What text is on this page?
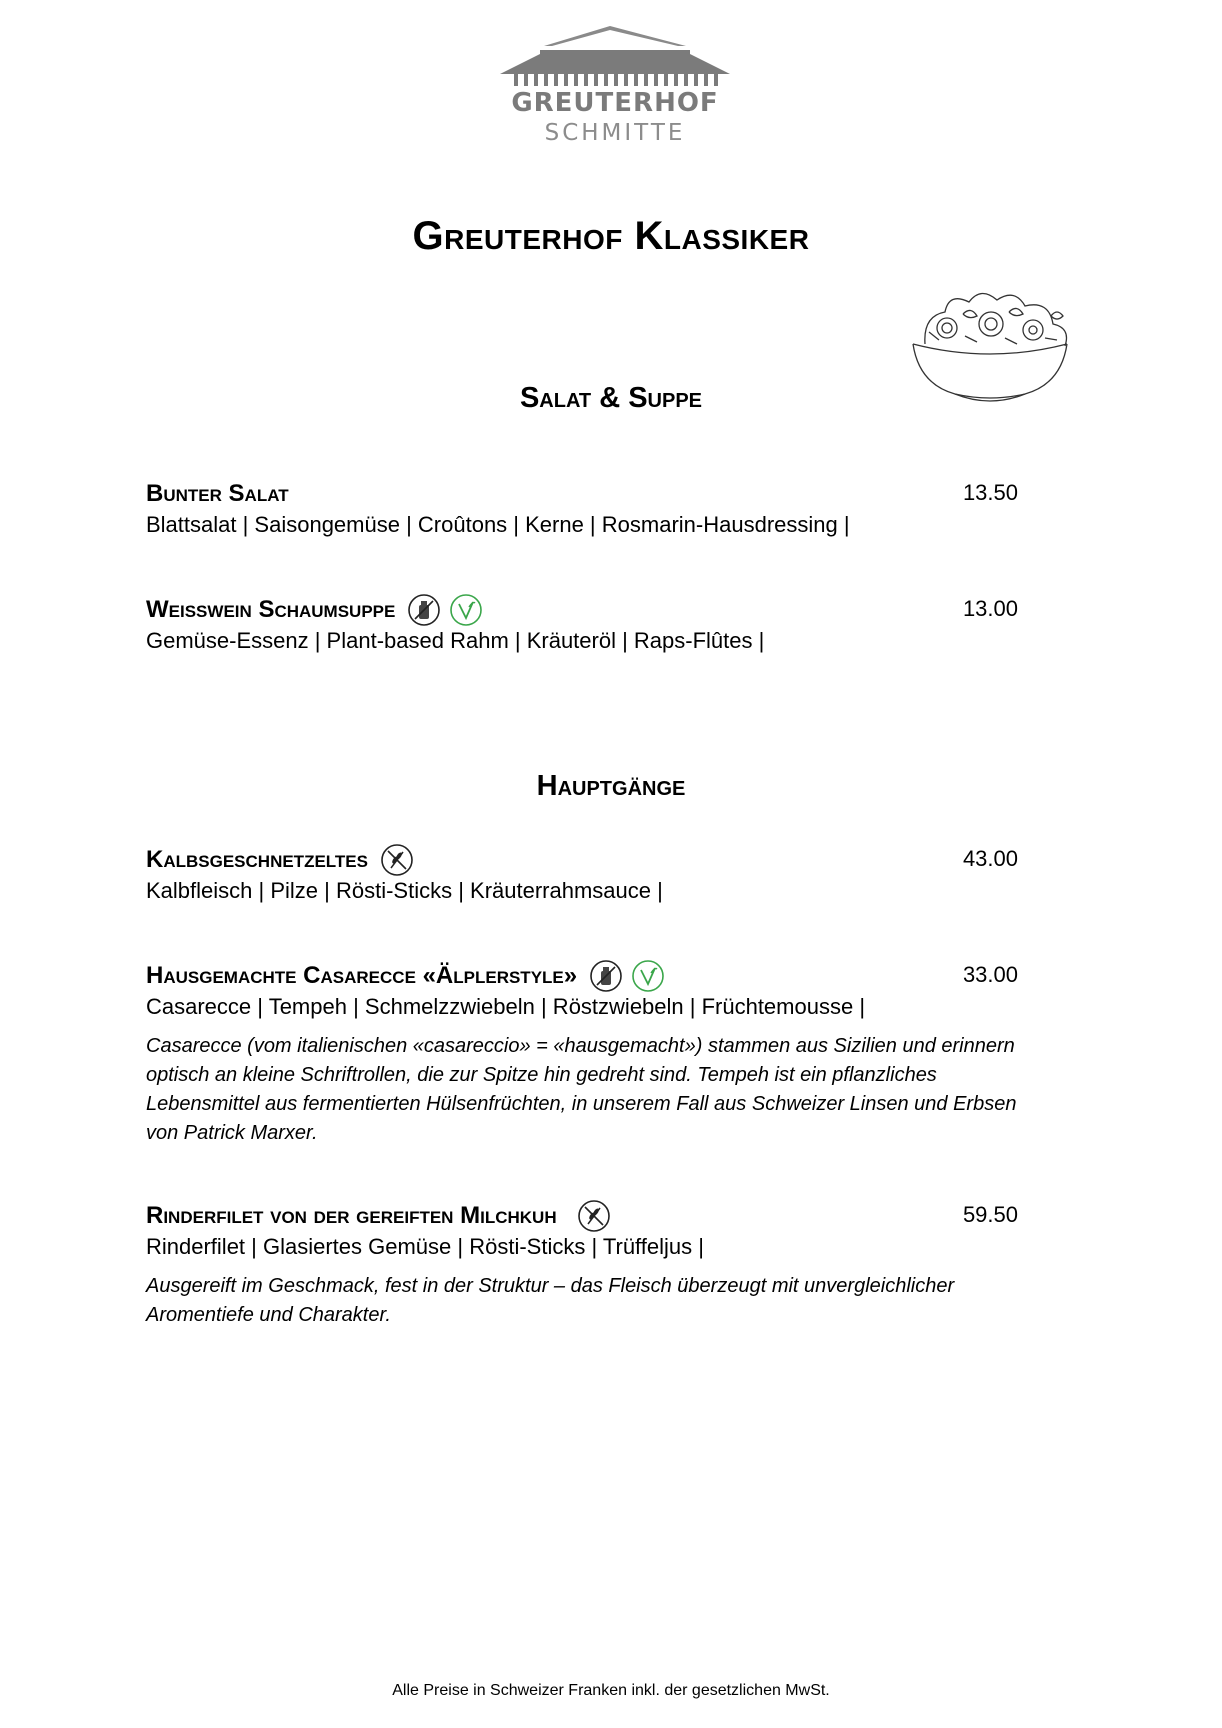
GREUTERHOF
SCHMITTE
Greuterhof Klassiker
Salat & Suppe
Bunter Salat	13.50
Blattsalat | Saisongemüse | Croûtons | Kerne | Rosmarin-Hausdressing |
Weisswein Schaumsuppe	13.00
Gemüse-Essenz | Plant-based Rahm | Kräuteröl | Raps-Flûtes |
Hauptgänge
Kalbsgeschnetzeltes	43.00
Kalbfleisch | Pilze | Rösti-Sticks | Kräuterrahmsauce |
Hausgemachte Casarecce «Älplerstyle»	33.00
Casarecce | Tempeh | Schmelzzwiebeln | Röstzwiebeln | Früchtemousse |
Casarecce (vom italienischen «casareccio» = «hausgemacht») stammen aus Sizilien und erinnern optisch an kleine Schriftrollen, die zur Spitze hin gedreht sind. Tempeh ist ein pflanzliches Lebensmittel aus fermentierten Hülsenfrüchten, in unserem Fall aus Schweizer Linsen und Erbsen von Patrick Marxer.
Rinderfilet von der gereiften Milchkuh	59.50
Rinderfilet | Glasiertes Gemüse | Rösti-Sticks | Trüffeljus |
Ausgereift im Geschmack, fest in der Struktur – das Fleisch überzeugt mit unvergleichlicher Aromentiefe und Charakter.
Alle Preise in Schweizer Franken inkl. der gesetzlichen MwSt.
